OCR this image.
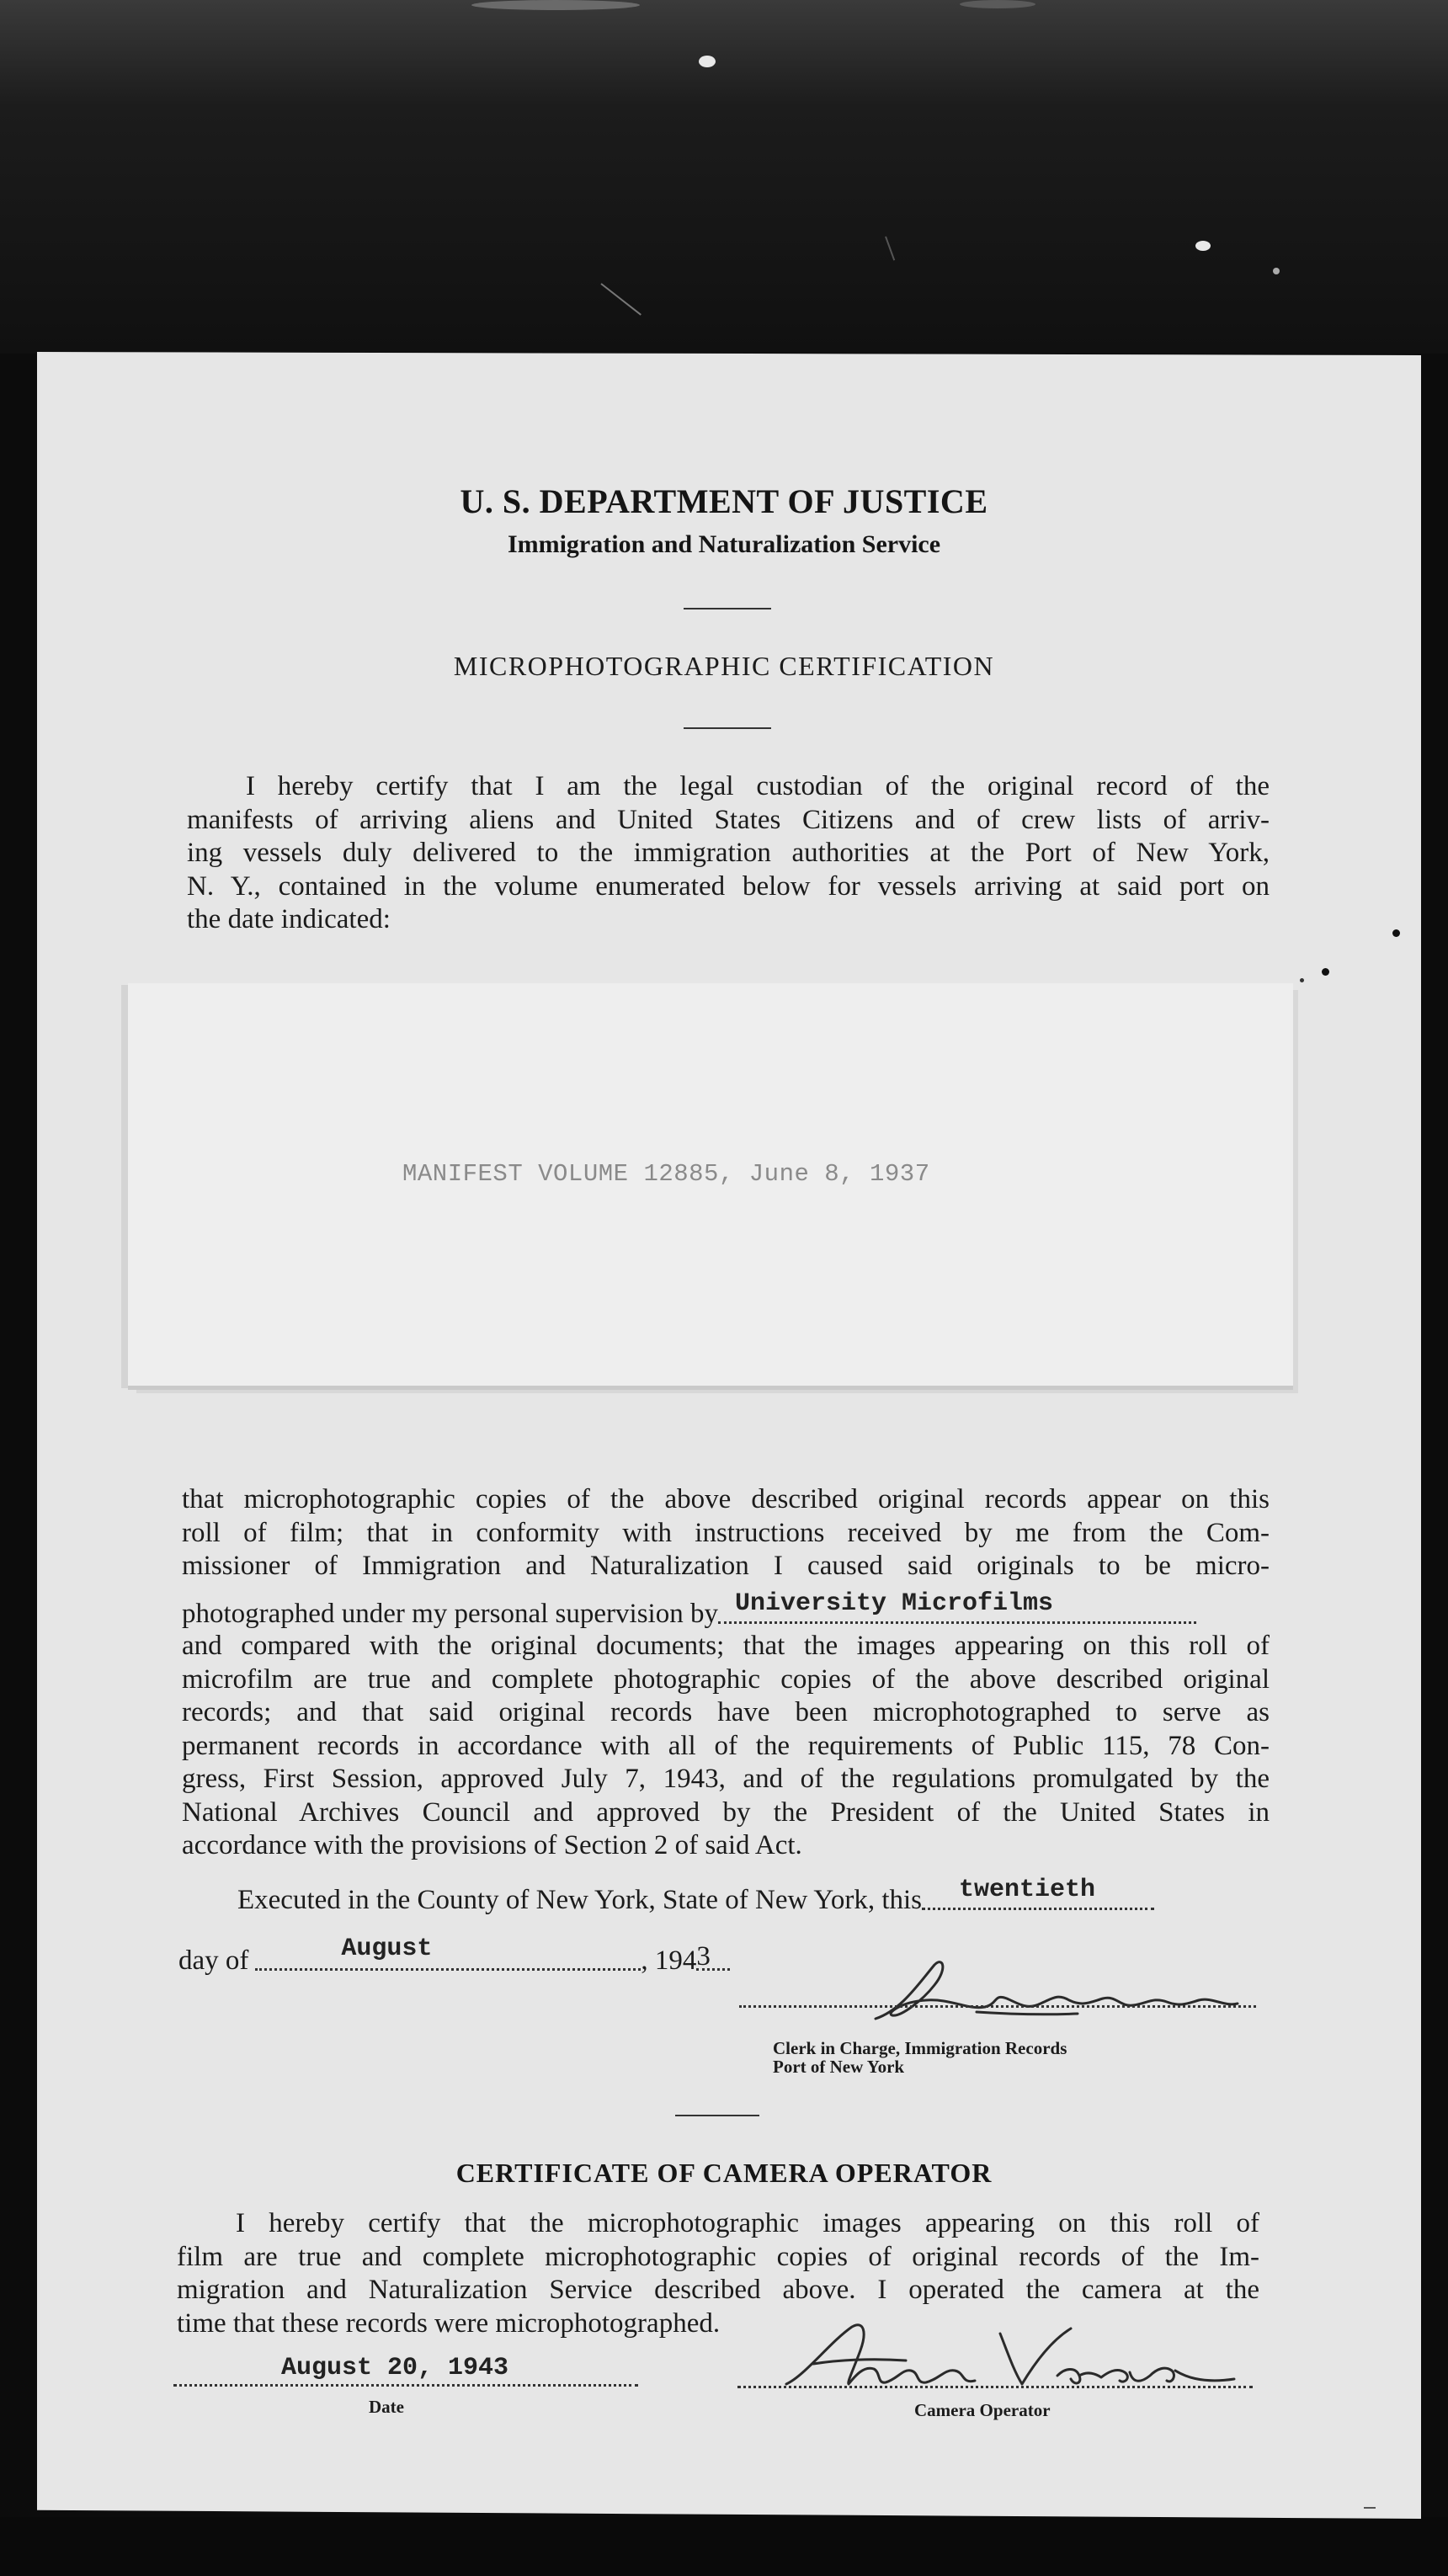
U. S. DEPARTMENT OF JUSTICE
Immigration and Naturalization Service
MICROPHOTOGRAPHIC CERTIFICATION
I hereby certify that I am the legal custodian of the original record of the
manifests of arriving aliens and United States Citizens and of crew lists of arriv-
ing vessels duly delivered to the immigration authorities at the Port of New York,
N. Y., contained in the volume enumerated below for vessels arriving at said port on
the date indicated:
MANIFEST VOLUME 12885, June 8, 1937
that microphotographic copies of the above described original records appear on this
roll of film; that in conformity with instructions received by me from the Com-
missioner of Immigration and Naturalization I caused said originals to be micro-
photographed under my personal supervision by University Microfilms
and compared with the original documents; that the images appearing on this roll of
microfilm are true and complete photographic copies of the above described original
records; and that said original records have been microphotographed to serve as
permanent records in accordance with all of the requirements of Public 115, 78 Con-
gress, First Session, approved July 7, 1943, and of the regulations promulgated by the
National Archives Council and approved by the President of the United States in
accordance with the provisions of Section 2 of said Act.
Executed in the County of New York, State of New York, this twentieth
day of	August	, 194 3
Clerk in Charge, Immigration Records
Port of New York
CERTIFICATE OF CAMERA OPERATOR
I hereby certify that the microphotographic images appearing on this roll of
film are true and complete microphotographic copies of original records of the Im-
migration and Naturalization Service described above. I operated the camera at the
time that these records were microphotographed.
August 20, 1943
Date	Camera Operator
